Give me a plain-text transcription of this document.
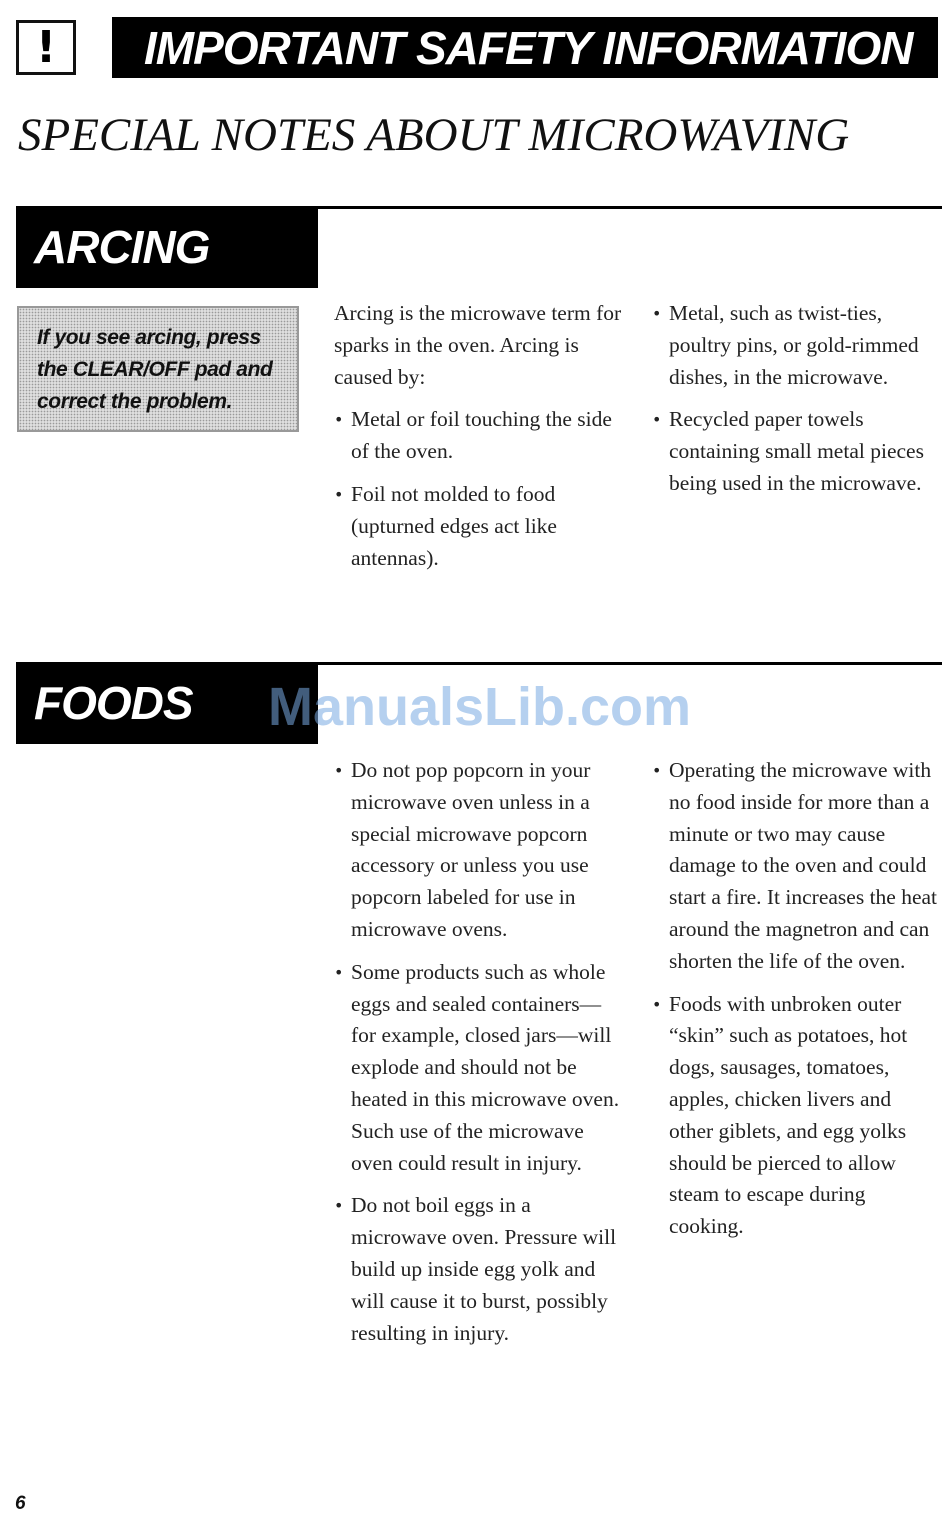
! IMPORTANT SAFETY INFORMATION
SPECIAL NOTES ABOUT MICROWAVING
ARCING
If you see arcing, press the CLEAR/OFF pad and correct the problem.

Arcing is the microwave term for sparks in the oven. Arcing is caused by:

• Metal or foil touching the side of the oven.
• Foil not molded to food (upturned edges act like antennas).
• Metal, such as twist-ties, poultry pins, or gold-rimmed dishes, in the microwave.
• Recycled paper towels containing small metal pieces being used in the microwave.
FOODS ManualsLib.com
• Do not pop popcorn in your microwave oven unless in a special microwave popcorn accessory or unless you use popcorn labeled for use in microwave ovens.
• Some products such as whole eggs and sealed containers—for example, closed jars—will explode and should not be heated in this microwave oven. Such use of the microwave oven could result in injury.
• Do not boil eggs in a microwave oven. Pressure will build up inside egg yolk and will cause it to burst, possibly resulting in injury.
• Operating the microwave with no food inside for more than a minute or two may cause damage to the oven and could start a fire. It increases the heat around the magnetron and can shorten the life of the oven.
• Foods with unbroken outer “skin” such as potatoes, hot dogs, sausages, tomatoes, apples, chicken livers and other giblets, and egg yolks should be pierced to allow steam to escape during cooking.
6
